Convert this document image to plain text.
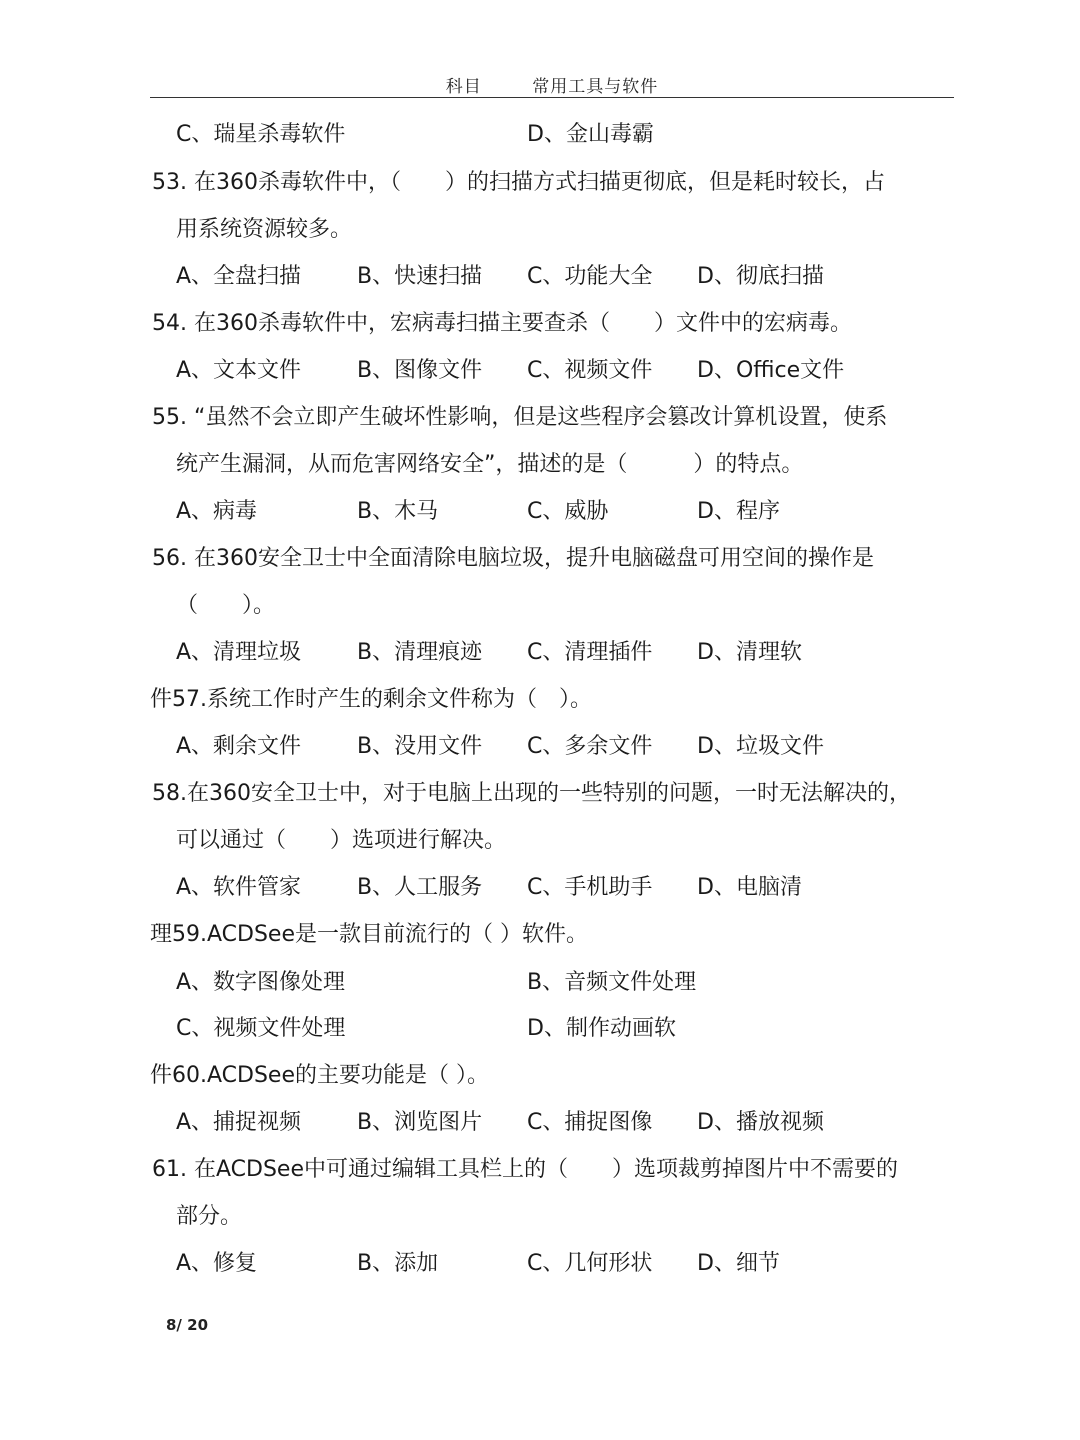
科目	常用工具与软件
C、瑞星杀毒软件	D、金山毒霸
53. 在360杀毒软件中，（　　）的扫描方式扫描更彻底，但是耗时较长，占
用系统资源较多。
A、全盘扫描	B、快速扫描 C、功能大全 D、彻底扫描
54. 在360杀毒软件中，宏病毒扫描主要查杀（　　）文件中的宏病毒。
A、文本文件	B、图像文件 C、视频文件 D、Office文件
55. “虽然不会立即产生破坏性影响，但是这些程序会篡改计算机设置，使系
统产生漏洞，从而危害网络安全”，描述的是（　　　）的特点。
A、病毒	B、木马	C、威胁	D、程序
56. 在360安全卫士中全面清除电脑垃圾，提升电脑磁盘可用空间的操作是
（　　）。
A、清理垃圾	B、清理痕迹 C、清理插件 D、清理软
件57.系统工作时产生的剩余文件称为（　）。
A、剩余文件	B、没用文件 C、多余文件 D、垃圾文件
58.在360安全卫士中，对于电脑上出现的一些特别的问题，一时无法解决的，
可以通过（　　）选项进行解决。
A、软件管家	B、人工服务 C、手机助手 D、电脑清
理59.ACDSee是一款目前流行的（ ）软件。
A、数字图像处理	B、音频文件处理
C、视频文件处理	D、制作动画软
件60.ACDSee的主要功能是（ ）。
A、捕捉视频	B、浏览图片 C、捕捉图像 D、播放视频
61. 在ACDSee中可通过编辑工具栏上的（　　）选项裁剪掉图片中不需要的
部分。
A、修复	B、添加	C、几何形状 D、细节
8/ 20
